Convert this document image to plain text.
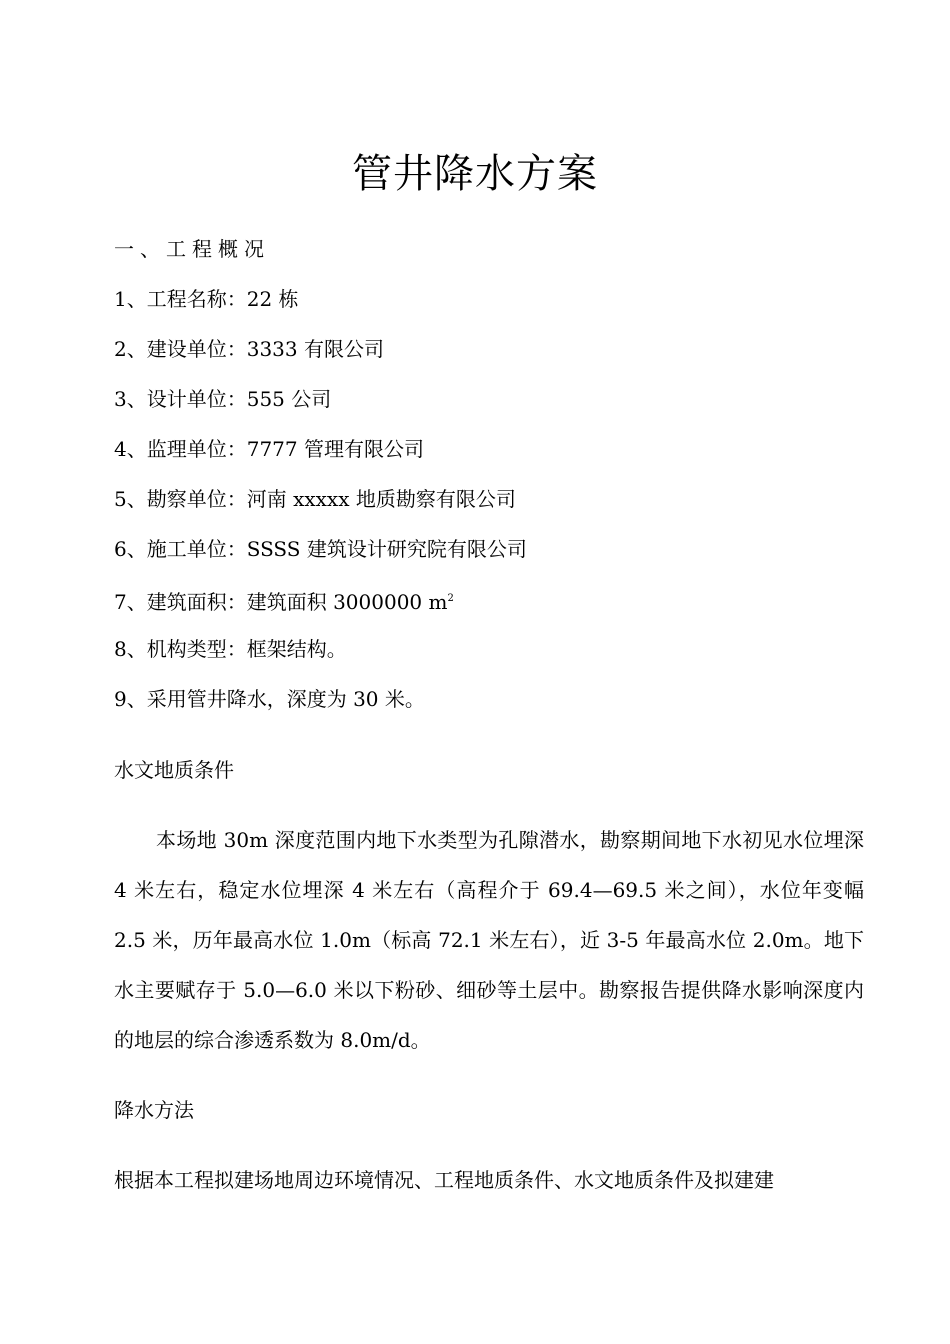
管井降水方案
一、工程概况
1、工程名称：22 栋
2、建设单位：3333 有限公司
3、设计单位：555 公司
4、监理单位：7777 管理有限公司
5、勘察单位：河南 xxxxx 地质勘察有限公司
6、施工单位：SSSS 建筑设计研究院有限公司
7、建筑面积：建筑面积 3000000 $m^2$
8、机构类型：框架结构。
9、采用管井降水，深度为 30 米。
水文地质条件
本场地 30m 深度范围内地下水类型为孔隙潜水，勘察期间地下水初见水位埋深 4 米左右，稳定水位埋深 4 米左右（高程介于 69.4—69.5 米之间），水位年变幅 2.5 米，历年最高水位 1.0m（标高 72.1 米左右），近 3-5 年最高水位 2.0m。地下水主要赋存于 5.0—6.0 米以下粉砂、细砂等土层中。勘察报告提供降水影响深度内的地层的综合渗透系数为 8.0m/d。
降水方法
根据本工程拟建场地周边环境情况、工程地质条件、水文地质条件及拟建建
